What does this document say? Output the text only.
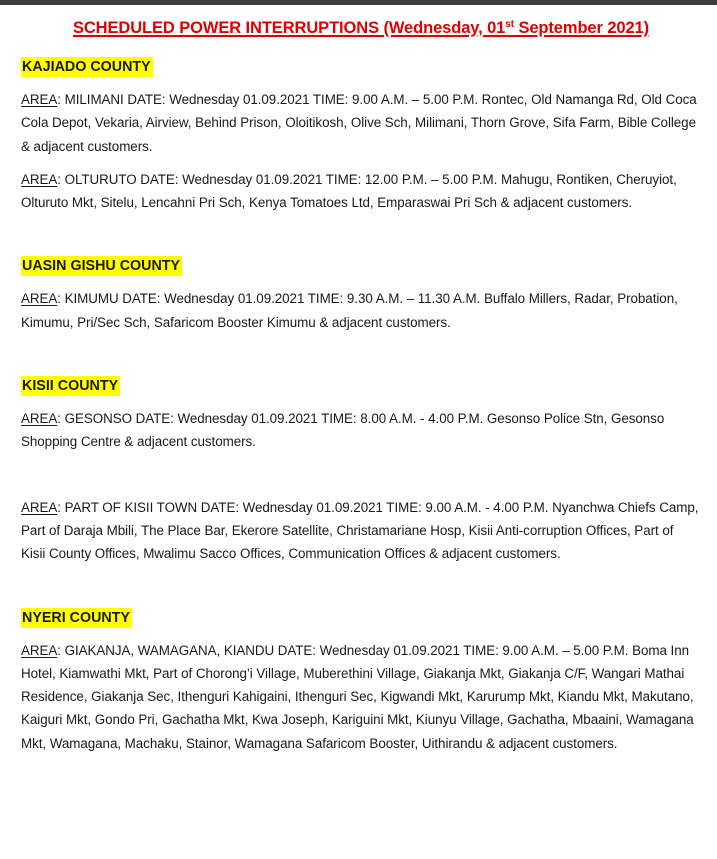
SCHEDULED POWER INTERRUPTIONS (Wednesday, 01st September 2021)
KAJIADO COUNTY

AREA: MILIMANI DATE: Wednesday 01.09.2021 TIME: 9.00 A.M. – 5.00 P.M. Rontec, Old Namanga Rd, Old Coca Cola Depot, Vekaria, Airview, Behind Prison, Oloitikosh, Olive Sch, Milimani, Thorn Grove, Sifa Farm, Bible College & adjacent customers.

AREA: OLTURUTO DATE: Wednesday 01.09.2021 TIME: 12.00 P.M. – 5.00 P.M. Mahugu, Rontiken, Cheruyiot, Olturuto Mkt, Sitelu, Lencahni Pri Sch, Kenya Tomatoes Ltd, Emparaswai Pri Sch & adjacent customers.

UASIN GISHU COUNTY

AREA: KIMUMU DATE: Wednesday 01.09.2021 TIME: 9.30 A.M. – 11.30 A.M. Buffalo Millers, Radar, Probation, Kimumu, Pri/Sec Sch, Safaricom Booster Kimumu & adjacent customers.

KISII COUNTY

AREA: GESONSO DATE: Wednesday 01.09.2021 TIME: 8.00 A.M. - 4.00 P.M. Gesonso Police Stn, Gesonso Shopping Centre & adjacent customers.

AREA: PART OF KISII TOWN DATE: Wednesday 01.09.2021 TIME: 9.00 A.M. - 4.00 P.M. Nyanchwa Chiefs Camp, Part of Daraja Mbili, The Place Bar, Ekerore Satellite, Christamariane Hosp, Kisii Anti-corruption Offices, Part of Kisii County Offices, Mwalimu Sacco Offices, Communication Offices & adjacent customers.

NYERI COUNTY

AREA: GIAKANJA, WAMAGANA, KIANDU DATE: Wednesday 01.09.2021 TIME: 9.00 A.M. – 5.00 P.M. Boma Inn Hotel, Kiamwathi Mkt, Part of Chorong’i Village, Muberethini Village, Giakanja Mkt, Giakanja C/F, Wangari Mathai Residence, Giakanja Sec, Ithenguri Kahigaini, Ithenguri Sec, Kigwandi Mkt, Karurump Mkt, Kiandu Mkt, Makutano, Kaiguri Mkt, Gondo Pri, Gachatha Mkt, Kwa Joseph, Kariguini Mkt, Kiunyu Village, Gachatha, Mbaaini, Wamagana Mkt, Wamagana, Machaku, Stainor, Wamagana Safaricom Booster, Uithirandu & adjacent customers.
